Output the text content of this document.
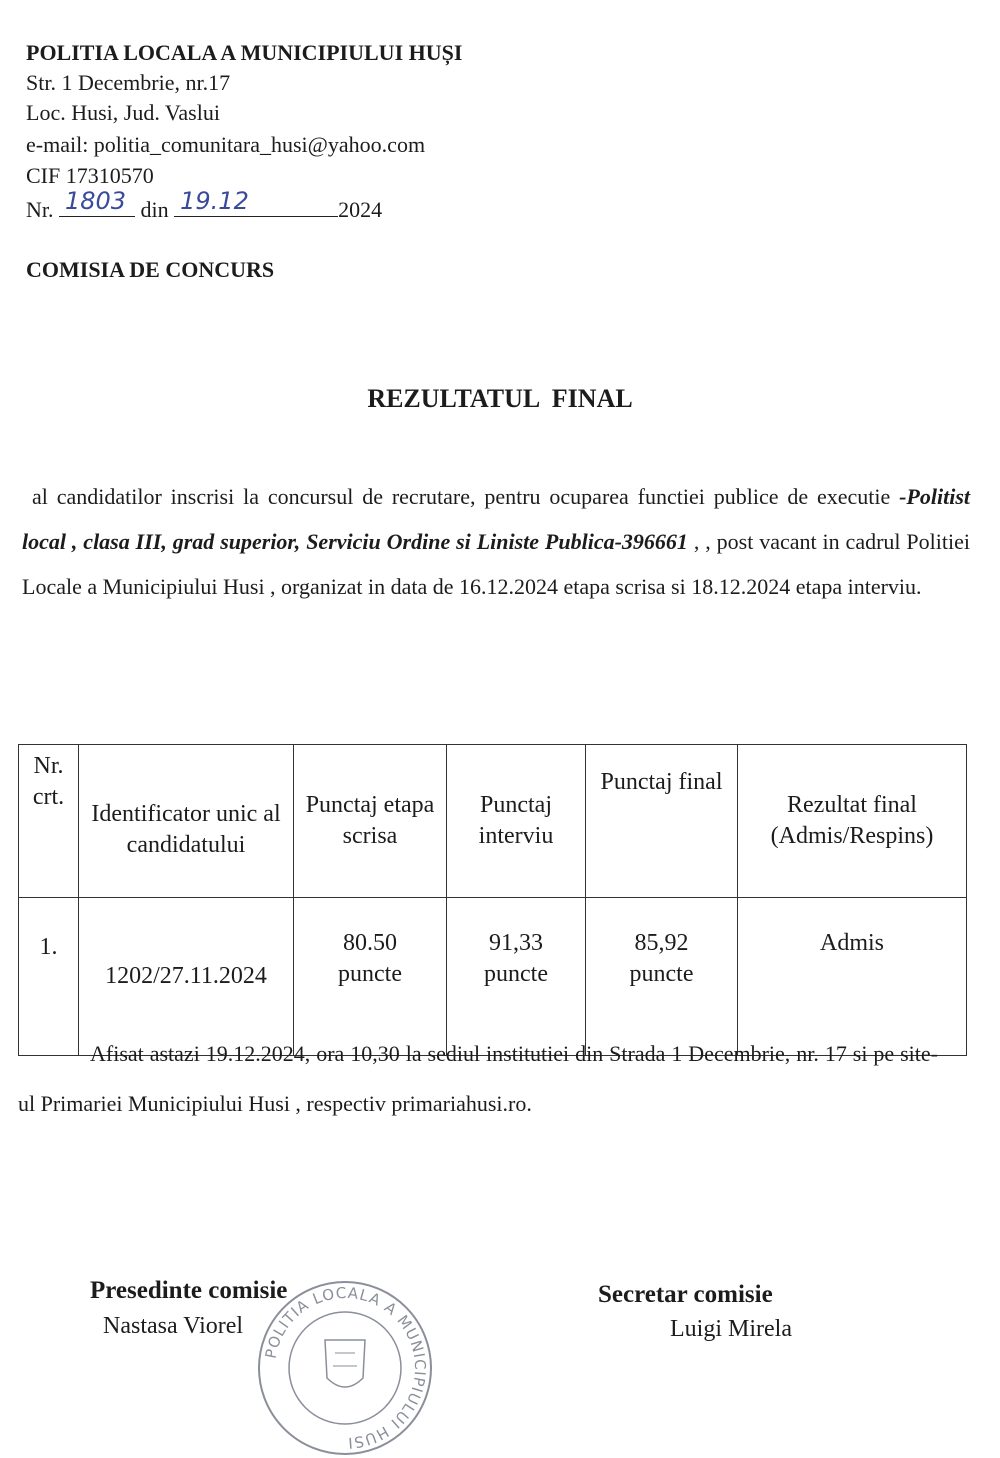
POLITIA LOCALA A MUNICIPIULUI HUȘI
Str. 1 Decembrie, nr.17
Loc. Husi, Jud. Vaslui
e-mail: politia_comunitara_husi@yahoo.com
CIF 17310570
Nr. 1803 din 19.12	2024
COMISIA DE CONCURS
REZULTATUL  FINAL
al candidatilor inscrisi la concursul de recrutare, pentru ocuparea functiei publice de executie -Politist local , clasa III, grad superior, Serviciu Ordine si Liniste Publica-396661 , , post vacant in cadrul Politiei Locale a Municipiului Husi , organizat in data de 16.12.2024 etapa scrisa si 18.12.2024 etapa interviu.
Nr. crt.	Identificator unic al candidatului	Punctaj etapa scrisa	Punctaj interviu	Punctaj final	Rezultat final (Admis/Respins)
1.	1202/27.11.2024	80.50 puncte	91,33 puncte	85,92 puncte	Admis
Afisat astazi 19.12.2024, ora 10,30 la sediul institutiei din Strada 1 Decembrie, nr. 17 si pe site-ul Primariei Municipiului Husi , respectiv primariahusi.ro.
POLITIA LOCALA A MUNICIPIULUI HUSI
Presedinte comisie
Nastasa Viorel
Secretar comisie
Luigi Mirela
